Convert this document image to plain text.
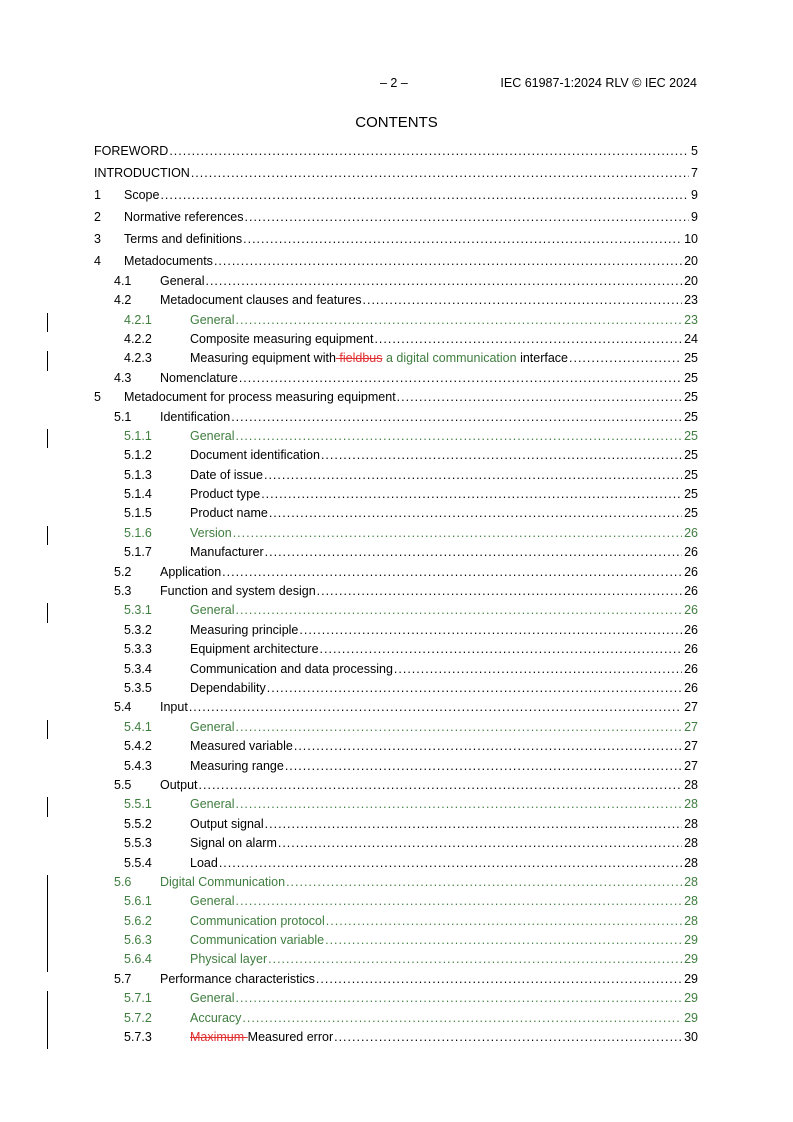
– 2 –	IEC 61987-1:2024 RLV © IEC 2024
CONTENTS
FOREWORD .....	5
INTRODUCTION .....	7
1	Scope .....	9
2	Normative references .....	9
3	Terms and definitions .....	10
4	Metadocuments .....	20
4.1	General .....	20
4.2	Metadocument clauses and features .....	23
4.2.1	General .....	23
4.2.2	Composite measuring equipment .....	24
4.2.3	Measuring equipment with fieldbus a digital communication interface .....	25
4.3	Nomenclature .....	25
5	Metadocument for process measuring equipment .....	25
5.1	Identification .....	25
5.1.1	General .....	25
5.1.2	Document identification .....	25
5.1.3	Date of issue .....	25
5.1.4	Product type .....	25
5.1.5	Product name .....	25
5.1.6	Version .....	26
5.1.7	Manufacturer .....	26
5.2	Application .....	26
5.3	Function and system design .....	26
5.3.1	General .....	26
5.3.2	Measuring principle .....	26
5.3.3	Equipment architecture .....	26
5.3.4	Communication and data processing .....	26
5.3.5	Dependability .....	26
5.4	Input .....	27
5.4.1	General .....	27
5.4.2	Measured variable .....	27
5.4.3	Measuring range .....	27
5.5	Output .....	28
5.5.1	General .....	28
5.5.2	Output signal .....	28
5.5.3	Signal on alarm .....	28
5.5.4	Load .....	28
5.6	Digital Communication .....	28
5.6.1	General .....	28
5.6.2	Communication protocol .....	28
5.6.3	Communication variable .....	29
5.6.4	Physical layer .....	29
5.7	Performance characteristics .....	29
5.7.1	General .....	29
5.7.2	Accuracy .....	29
5.7.3	Maximum Measured error .....	30
